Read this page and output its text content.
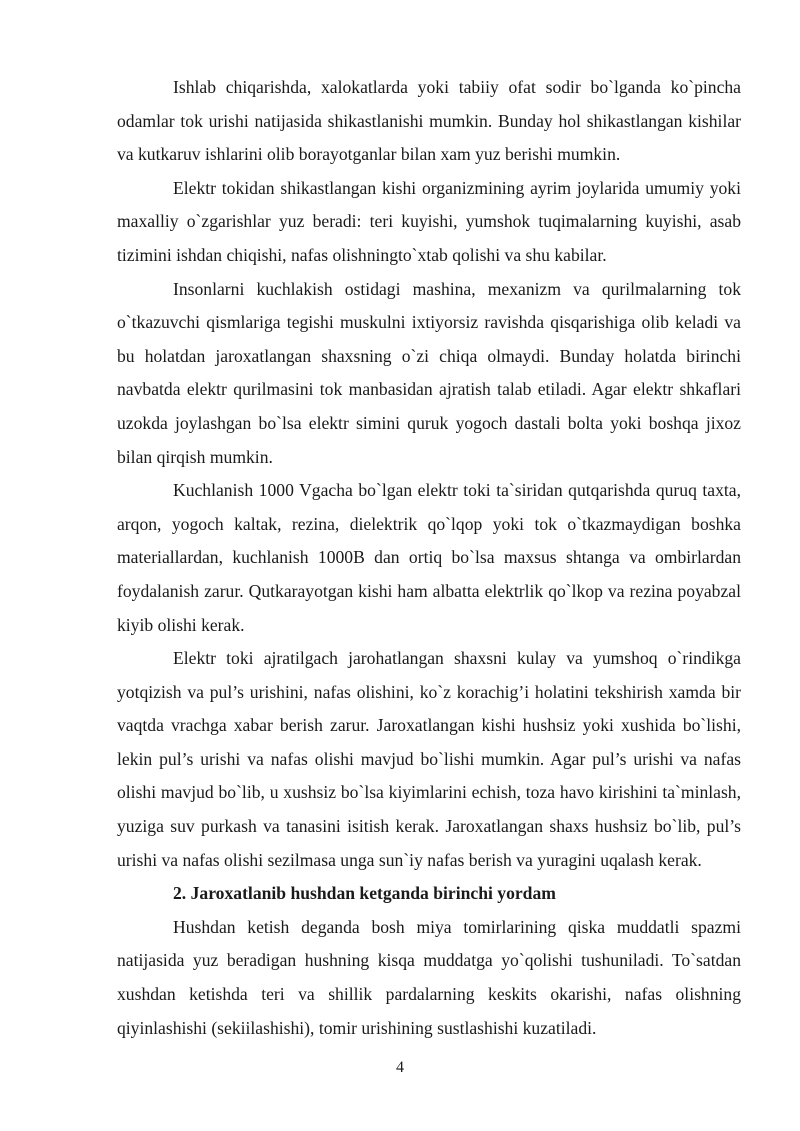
Ishlab chiqarishda, xalokatlarda yoki tabiiy ofat sodir bo`lganda ko`pincha odamlar tok urishi natijasida shikastlanishi mumkin. Bunday hol shikastlangan kishilar va kutkaruv ishlarini olib borayotganlar bilan xam yuz berishi mumkin.

Elektr tokidan shikastlangan kishi organizmining ayrim joylarida umumiy yoki maxalliy o`zgarishlar yuz beradi: teri kuyishi, yumshok tuqimalarning kuyishi, asab tizimini ishdan chiqishi, nafas olishningto`xtab qolishi va shu kabilar.

Insonlarni kuchlakish ostidagi mashina, mexanizm va qurilmalarning tok o`tkazuvchi qismlariga tegishi muskulni ixtiyorsiz ravishda qisqarishiga olib keladi va bu holatdan jaroxatlangan shaxsning o`zi chiqa olmaydi. Bunday holatda birinchi navbatda elektr qurilmasini tok manbasidan ajratish talab etiladi. Agar elektr shkaflari uzokda joylashgan bo`lsa elektr simini quruk yogoch dastali bolta yoki boshqa jixoz bilan qirqish mumkin.

Kuchlanish 1000 Vgacha bo`lgan elektr toki ta`siridan qutqarishda quruq taxta, arqon, yogoch kaltak, rezina, dielektrik qo`lqop yoki tok o`tkazmaydigan boshka materiallardan, kuchlanish 1000B dan ortiq bo`lsa maxsus shtanga va ombirlardan foydalanish zarur. Qutkarayotgan kishi ham albatta elektrlik qo`lkop va rezina poyabzal kiyib olishi kerak.

Elektr toki ajratilgach jarohatlangan shaxsni kulay va yumshoq o`rindikga yotqizish va pul’s urishini, nafas olishini, ko`z korachig’i holatini tekshirish xamda bir vaqtda vrachga xabar berish zarur. Jaroxatlangan kishi hushsiz yoki xushida bo`lishi, lekin pul’s urishi va nafas olishi mavjud bo`lishi mumkin. Agar pul’s urishi va nafas olishi mavjud bo`lib, u xushsiz bo`lsa kiyimlarini echish, toza havo kirishini ta`minlash, yuziga suv purkash va tanasini isitish kerak. Jaroxatlangan shaxs hushsiz bo`lib, pul’s urishi va nafas olishi sezilmasa unga sun`iy nafas berish va yuragini uqalash kerak.

2. Jaroxatlanib hushdan ketganda birinchi yordam

Hushdan ketish deganda bosh miya tomirlarining qiska muddatli spazmi natijasida yuz beradigan hushning kisqa muddatga yo`qolishi tushuniladi. To`satdan xushdan ketishda teri va shillik pardalarning keskits okarishi, nafas olishning qiyinlashishi (sekiilashishi), tomir urishining sustlashishi kuzatiladi.

4
